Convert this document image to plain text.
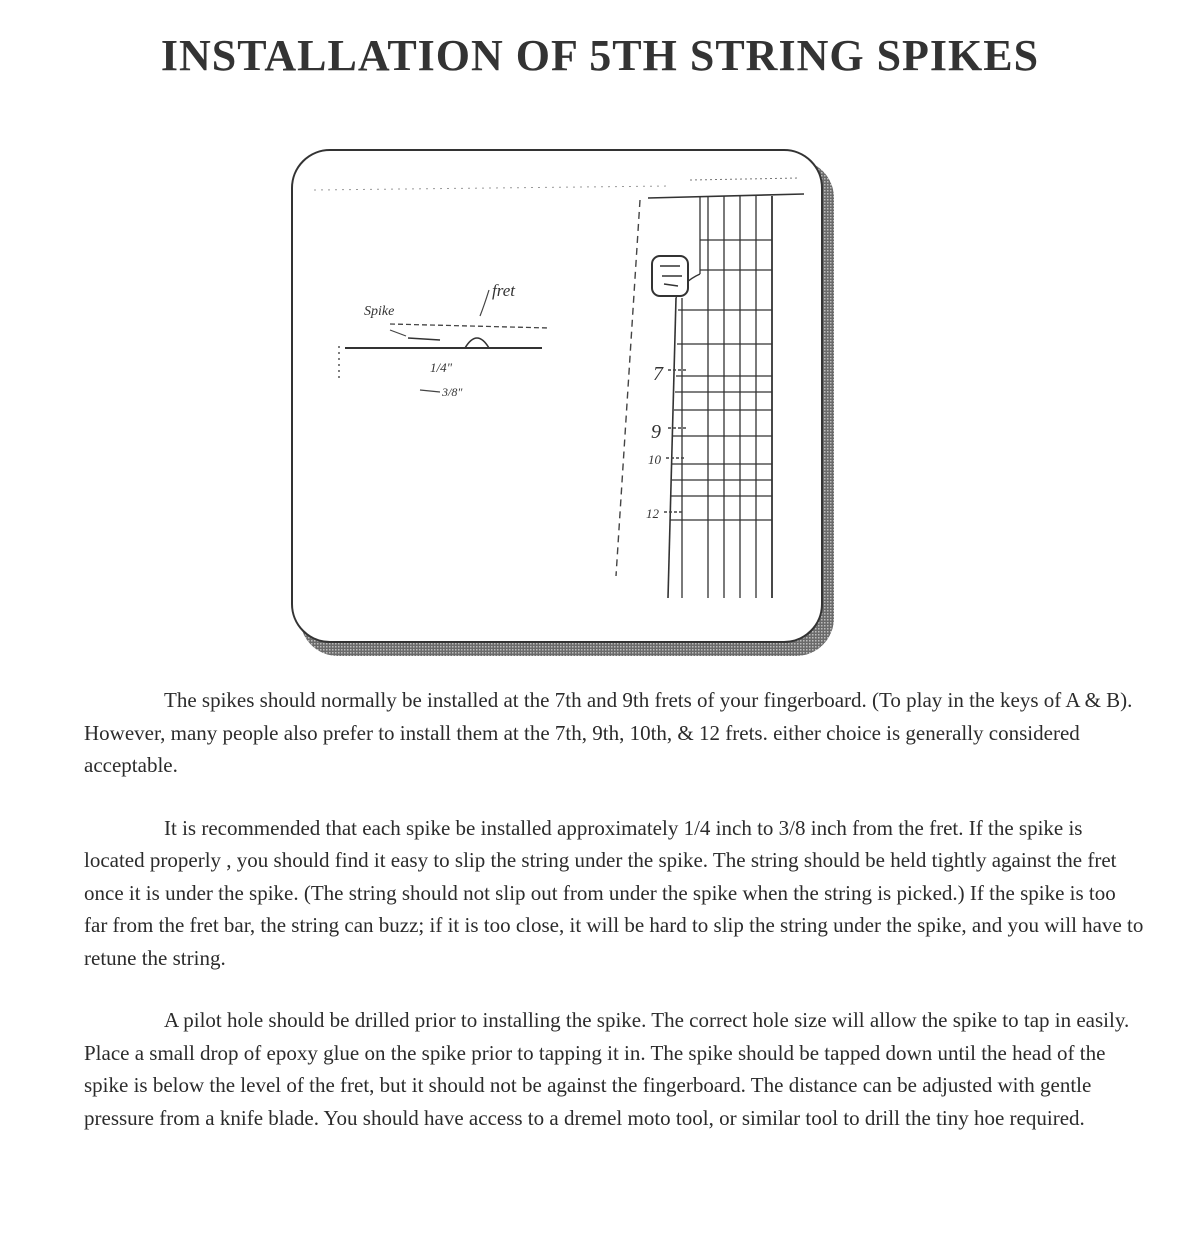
INSTALLATION OF 5TH STRING SPIKES
Spike
fret
1/4"
3/8"
7
9
10
12

The spikes should normally be installed at the 7th and 9th frets of your fingerboard. (To play in the keys of A & B). However, many people also prefer to install them at the 7th, 9th, 10th, & 12 frets. either choice is generally considered acceptable.

It is recommended that each spike be installed approximately 1/4 inch to 3/8 inch from the fret. If the spike is located properly , you should find it easy to slip the string under the spike. The string should be held tightly against the fret once it is under the spike. (The string should not slip out from under the spike when the string is picked.) If the spike is too far from the fret bar, the string can buzz; if it is too close, it will be hard to slip the string under the spike, and you will have to retune the string.

A pilot hole should be drilled prior to installing the spike. The correct hole size will allow the spike to tap in easily. Place a small drop of epoxy glue on the spike prior to tapping it in. The spike should be tapped down until the head of the spike is below the level of the fret, but it should not be against the fingerboard. The distance can be adjusted with gentle pressure from a knife blade. You should have access to a dremel moto tool, or similar tool to drill the tiny hoe required.
